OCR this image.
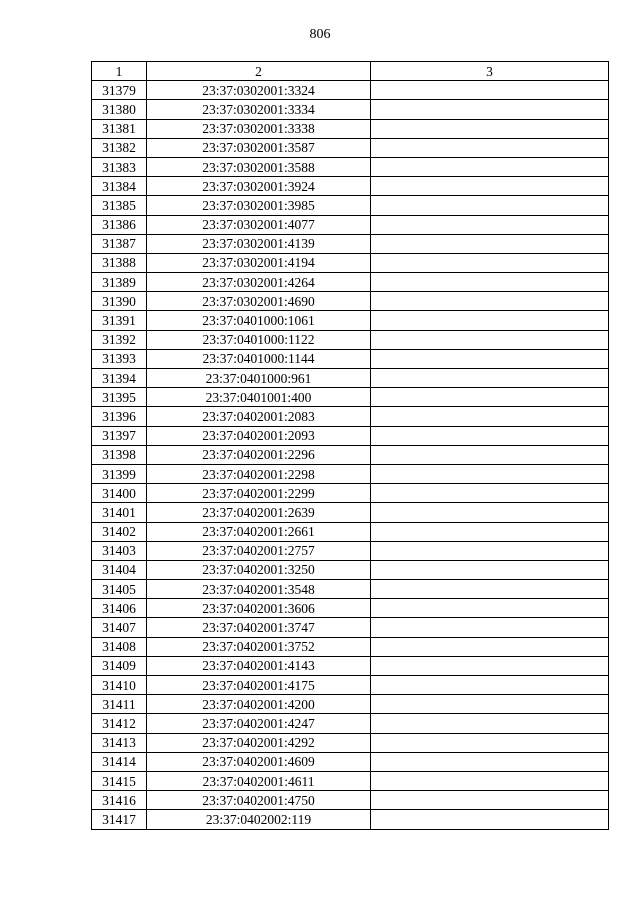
806
1	2	3
31379	23:37:0302001:3324	
31380	23:37:0302001:3334	
31381	23:37:0302001:3338	
31382	23:37:0302001:3587	
31383	23:37:0302001:3588	
31384	23:37:0302001:3924	
31385	23:37:0302001:3985	
31386	23:37:0302001:4077	
31387	23:37:0302001:4139	
31388	23:37:0302001:4194	
31389	23:37:0302001:4264	
31390	23:37:0302001:4690	
31391	23:37:0401000:1061	
31392	23:37:0401000:1122	
31393	23:37:0401000:1144	
31394	23:37:0401000:961	
31395	23:37:0401001:400	
31396	23:37:0402001:2083	
31397	23:37:0402001:2093	
31398	23:37:0402001:2296	
31399	23:37:0402001:2298	
31400	23:37:0402001:2299	
31401	23:37:0402001:2639	
31402	23:37:0402001:2661	
31403	23:37:0402001:2757	
31404	23:37:0402001:3250	
31405	23:37:0402001:3548	
31406	23:37:0402001:3606	
31407	23:37:0402001:3747	
31408	23:37:0402001:3752	
31409	23:37:0402001:4143	
31410	23:37:0402001:4175	
31411	23:37:0402001:4200	
31412	23:37:0402001:4247	
31413	23:37:0402001:4292	
31414	23:37:0402001:4609	
31415	23:37:0402001:4611	
31416	23:37:0402001:4750	
31417	23:37:0402002:119	
